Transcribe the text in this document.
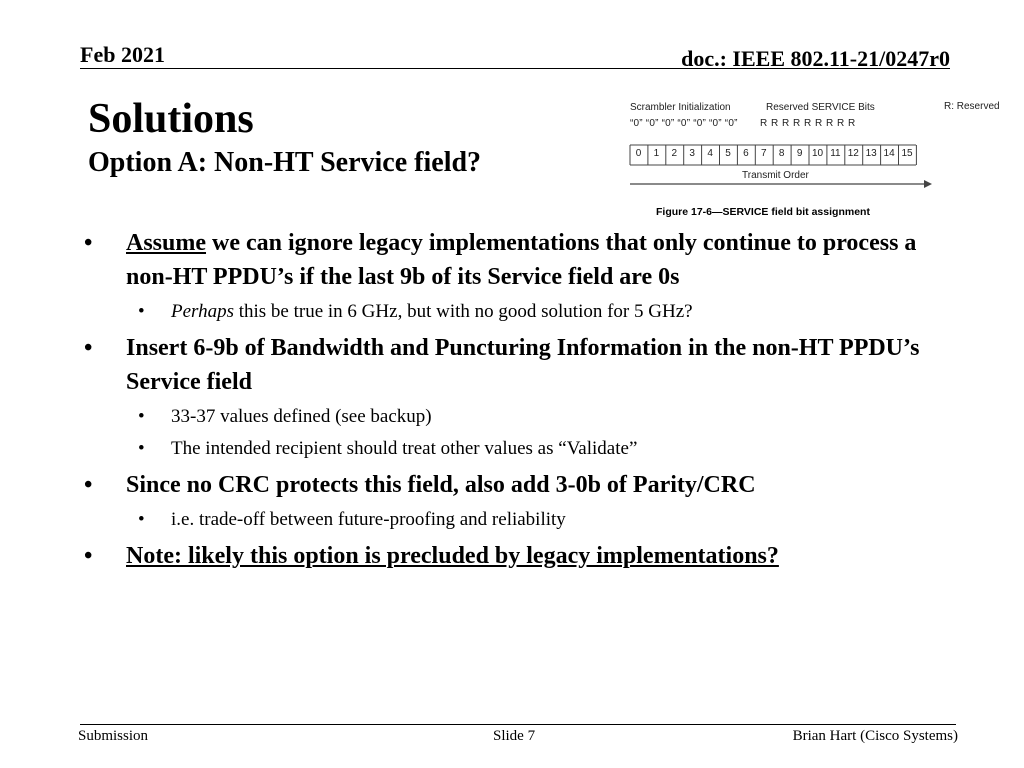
Feb 2021	doc.: IEEE 802.11-21/0247r0
Solutions
Option A: Non-HT Service field?
Scrambler Initialization	Reserved SERVICE Bits	R: Reserved
“0” “0” “0” “0” “0” “0” “0” R R R R R R R R R
0	1	2	3	4	5	6	7	8	9 10 11 12 13 14 15
Transmit Order
Figure 17-6—SERVICE field bit assignment
• Assume we can ignore legacy implementations that only continue to process a non-HT PPDU’s if the last 9b of its Service field are 0s
• Perhaps this be true in 6 GHz, but with no good solution for 5 GHz?
• Insert 6-9b of Bandwidth and Puncturing Information in the non-HT PPDU’s Service field
• 33-37 values defined (see backup)
• The intended recipient should treat other values as “Validate”
• Since no CRC protects this field, also add 3-0b of Parity/CRC
• i.e. trade-off between future-proofing and reliability
• Note: likely this option is precluded by legacy implementations?
Submission	Slide 7	Brian Hart (Cisco Systems)
